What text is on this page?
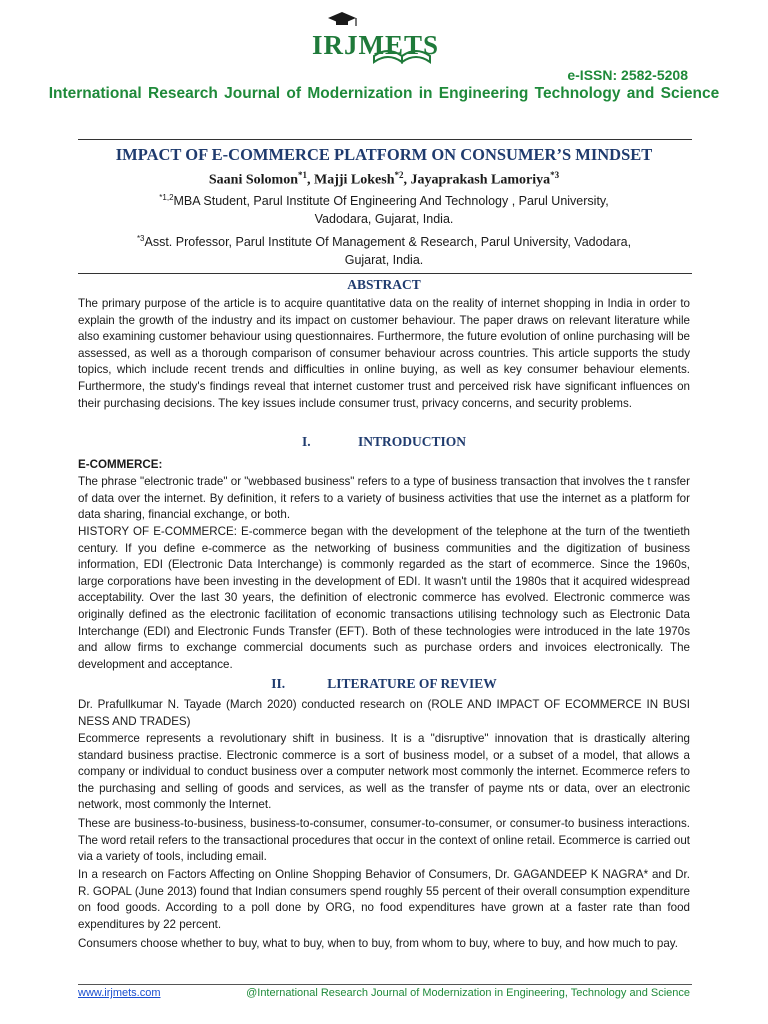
IRJMETS
e-ISSN: 2582-5208
International Research Journal of Modernization in Engineering Technology and Science
IMPACT OF E-COMMERCE PLATFORM ON CONSUMER’S MINDSET
Saani Solomon$^{*1}$, Majji Lokesh$^{*2}$, Jayaprakash Lamoriya$^{*3}$
$^{*1,2}$MBA Student, Parul Institute Of Engineering And Technology , Parul University,
Vadodara, Gujarat, India.
$^{*3}$Asst. Professor, Parul Institute Of Management & Research, Parul University, Vadodara,
Gujarat, India.
ABSTRACT

The primary purpose of the article is to acquire quantitative data on the reality of internet shopping in India in order to explain the growth of the industry and its impact on customer behaviour. The paper draws on relevant literature while also examining customer behaviour using questionnaires. Furthermore, the future evolution of online purchasing will be assessed, as well as a thorough comparison of consumer behaviour across countries. This article supports the study topics, which include recent trends and difficulties in online buying, as well as key consumer behaviour elements. Furthermore, the study's findings reveal that internet customer trust and perceived risk have significant influences on their purchasing decisions. The key issues include consumer trust, privacy concerns, and security problems.

I.	INTRODUCTION
E-COMMERCE:

The phrase "electronic trade" or "webbased business" refers to a type of business transaction that involves the t ransfer of data over the internet. By definition, it refers to a variety of business activities that use the internet as a platform for data sharing, financial exchange, or both.

HISTORY OF E-COMMERCE: E-commerce began with the development of the telephone at the turn of the twentieth century. If you define e-commerce as the networking of business communities and the digitization of business information, EDI (Electronic Data Interchange) is commonly regarded as the start of ecommerce. Since the 1960s, large corporations have been investing in the development of EDI. It wasn't until the 1980s that it acquired widespread acceptability. Over the last 30 years, the definition of electronic commerce has evolved. Electronic commerce was originally defined as the electronic facilitation of economic transactions utilising technology such as Electronic Data Interchange (EDI) and Electronic Funds Transfer (EFT). Both of these technologies were introduced in the late 1970s and allow firms to exchange commercial documents such as purchase orders and invoices electronically. The development and acceptance.

II.	LITERATURE OF REVIEW

Dr. Prafullkumar N. Tayade (March 2020) conducted research on (ROLE AND IMPACT OF ECOMMERCE IN BUSI NESS AND TRADES)

Ecommerce represents a revolutionary shift in business. It is a "disruptive" innovation that is drastically altering standard business practise. Electronic commerce is a sort of business model, or a subset of a model, that allows a company or individual to conduct business over a computer network most commonly the internet. Ecommerce refers to the purchasing and selling of goods and services, as well as the transfer of payme nts or data, over an electronic network, most commonly the Internet.

These are business-to-business, business-to-consumer, consumer-to-consumer, or consumer-to business interactions. The word retail refers to the transactional procedures that occur in the context of online retail. Ecommerce is carried out via a variety of tools, including email.

In a research on Factors Affecting on Online Shopping Behavior of Consumers, Dr. GAGANDEEP K NAGRA* and Dr. R. GOPAL (June 2013) found that Indian consumers spend roughly 55 percent of their overall consumption expenditure on food goods. According to a poll done by ORG, no food expenditures have grown at a faster rate than food expenditures by 22 percent.

Consumers choose whether to buy, what to buy, when to buy, from whom to buy, where to buy, and how much to pay.

www.irjmets.com	@International Research Journal of Modernization in Engineering, Technology and Science
